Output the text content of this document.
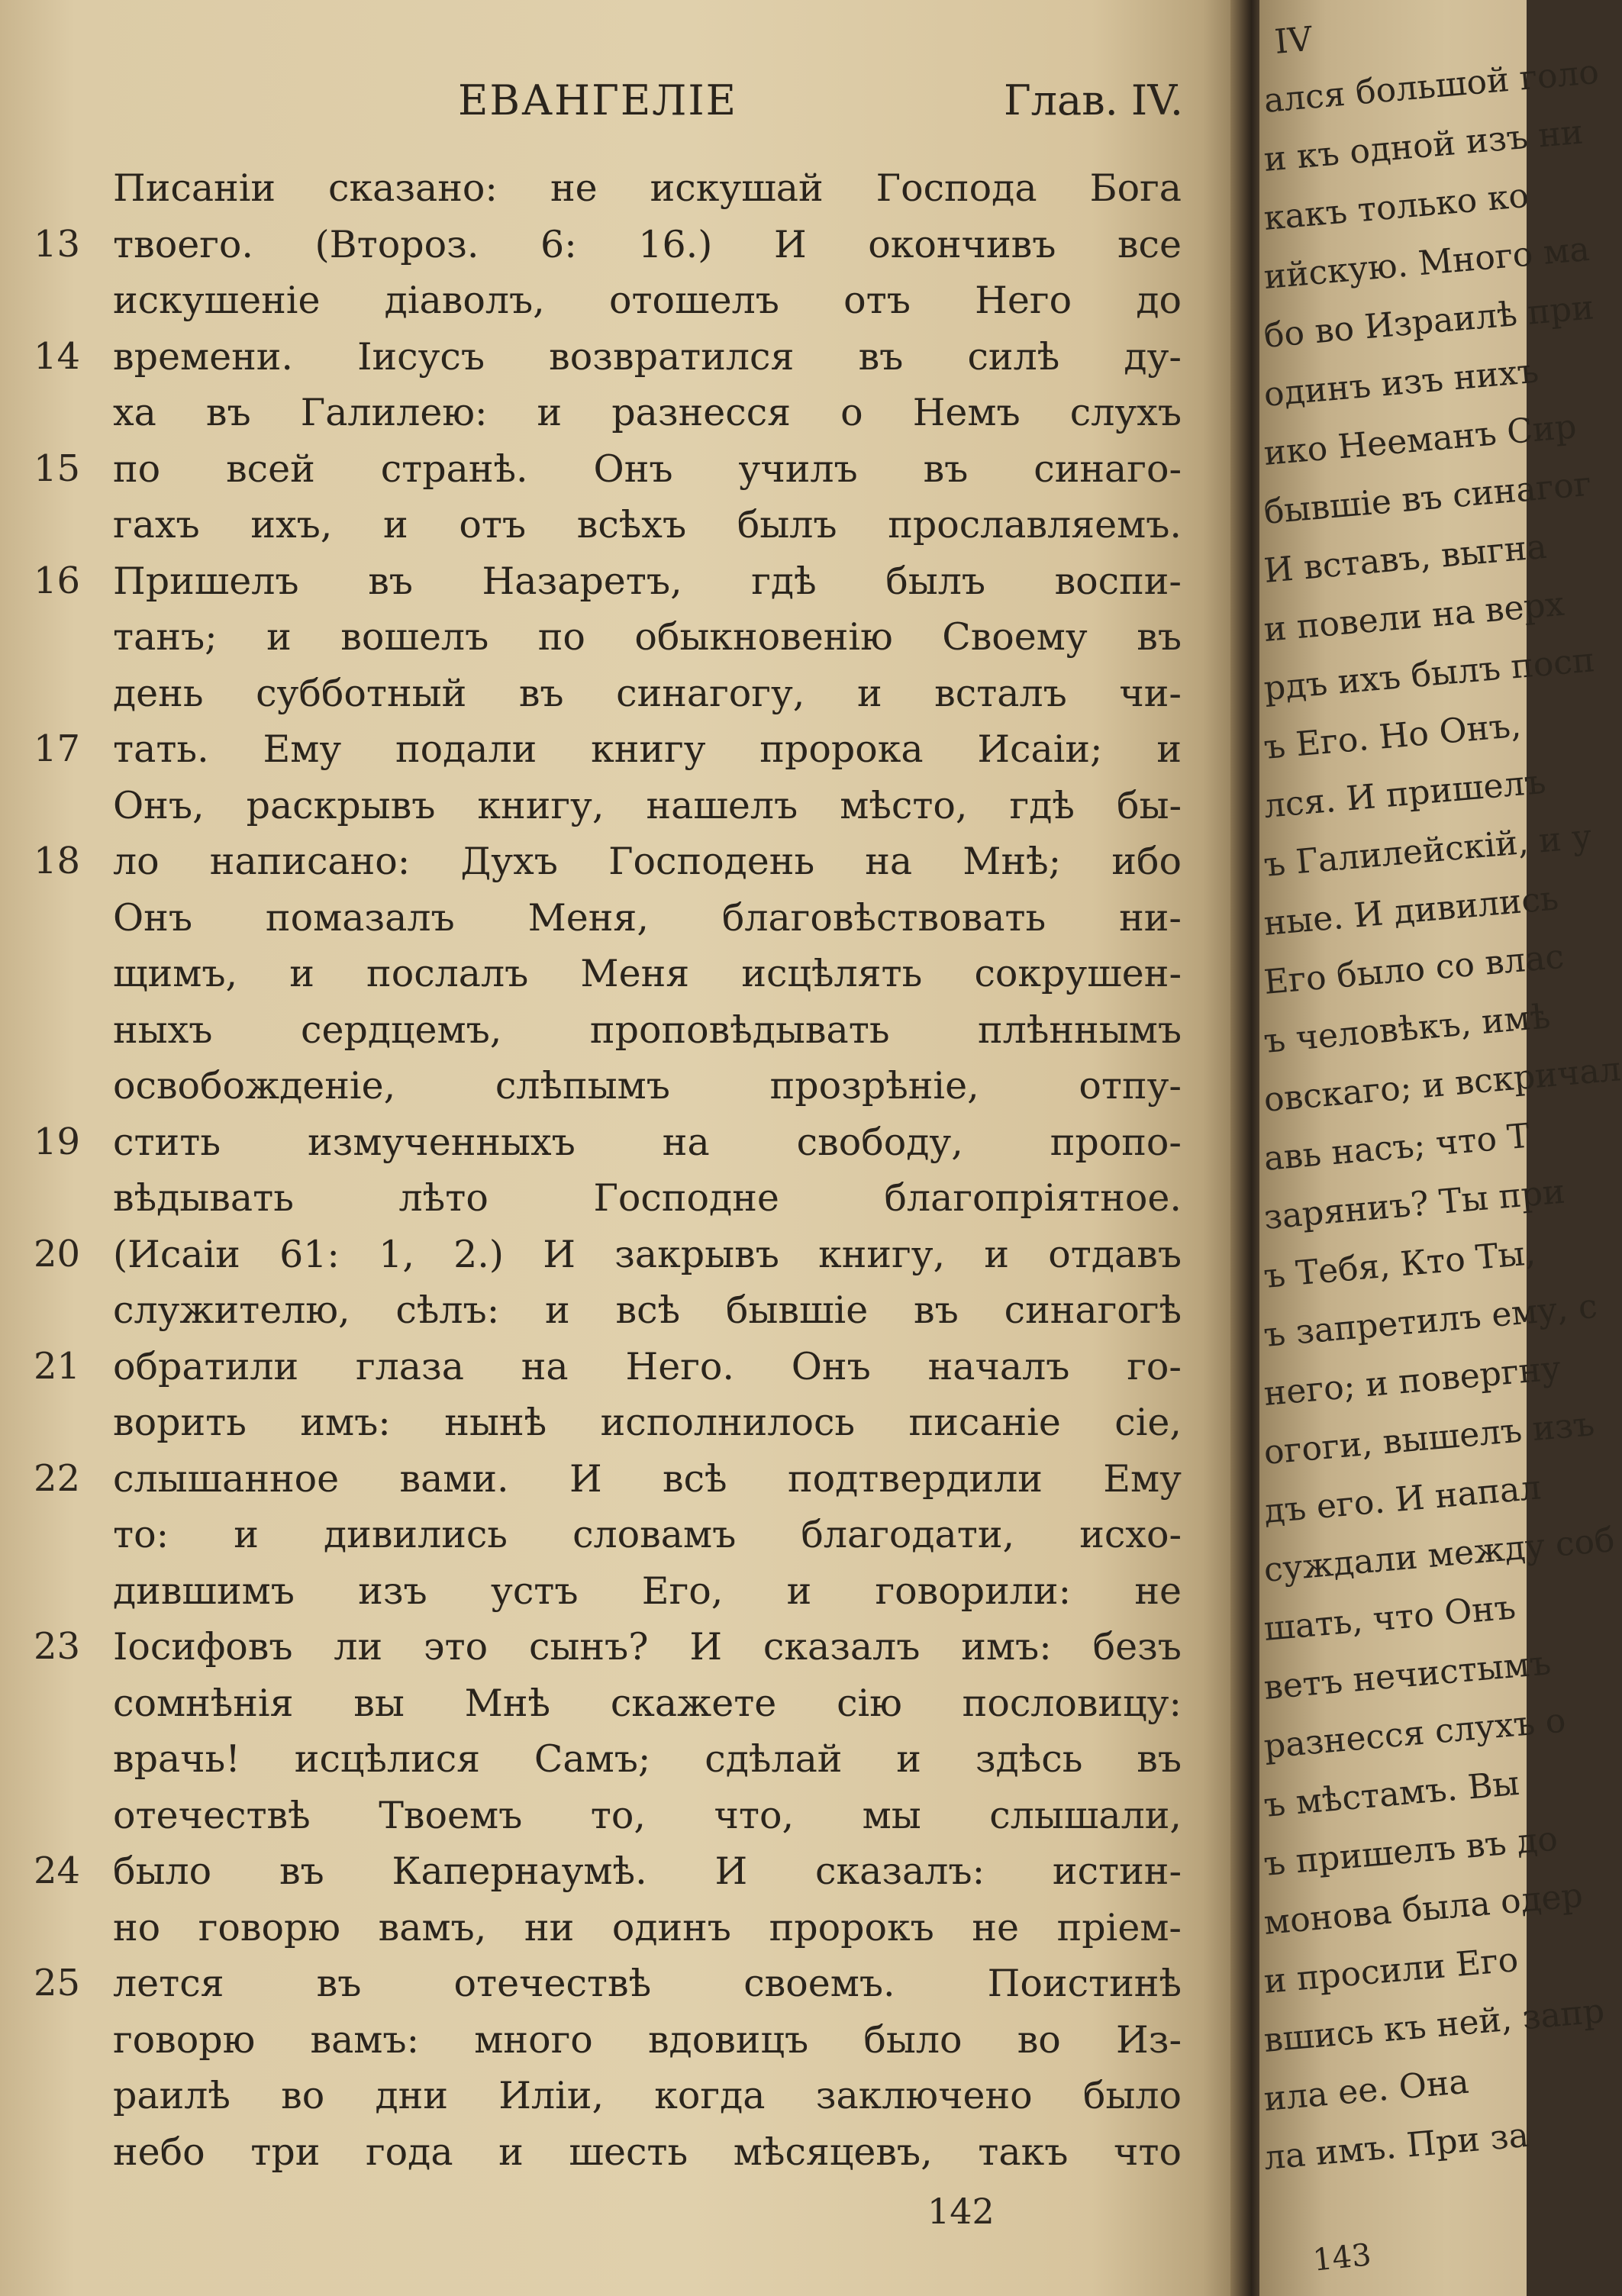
ЕВАНГЕЛІЕ	Глав. IV.
Писаніи сказано: не искушай Господа Бога
13 твоего. (Второз. 6: 16.) И окончивъ все
искушеніе діаволъ, отошелъ отъ Него до
14 времени. Іисусъ возвратился въ силѣ ду-
ха въ Галилею: и разнесся о Немъ слухъ
15 по всей странѣ. Онъ училъ въ синаго-
гахъ ихъ, и отъ всѣхъ былъ прославляемъ.
16 Пришелъ въ Назаретъ, гдѣ былъ воспи-
танъ; и вошелъ по обыкновенію Своему въ
день субботный въ синагогу, и всталъ чи-
17 тать. Ему подали книгу пророка Исаіи; и
Онъ, раскрывъ книгу, нашелъ мѣсто, гдѣ бы-
18 ло написано: Духъ Господень на Мнѣ; ибо
Онъ помазалъ Меня, благовѣствовать ни-
щимъ, и послалъ Меня исцѣлять сокрушен-
ныхъ сердцемъ, проповѣдывать плѣннымъ
освобожденіе, слѣпымъ прозрѣніе, отпу-
19 стить измученныхъ на свободу, пропо-
вѣдывать лѣто Господне благопріятное.
20 (Исаіи 61: 1, 2.) И закрывъ книгу, и отдавъ
служителю, сѣлъ: и всѣ бывшіе въ синагогѣ
21 обратили глаза на Него. Онъ началъ го-
ворить имъ: нынѣ исполнилось писаніе сіе,
22 слышанное вами. И всѣ подтвердили Ему
то: и дивились словамъ благодати, исхо-
дившимъ изъ устъ Его, и говорили: не
23 Іосифовъ ли это сынъ? И сказалъ имъ: безъ
сомнѣнія вы Мнѣ скажете сію пословицу:
врачь! исцѣлися Самъ; сдѣлай и здѣсь въ
отечествѣ Твоемъ то, что, мы слышали,
24 было въ Капернаумѣ. И сказалъ: истин-
но говорю вамъ, ни одинъ пророкъ не пріем-
25 лется въ отечествѣ своемъ. Поистинѣ
говорю вамъ: много вдовицъ было во Из-
раилѣ во дни Иліи, когда заключено было
небо три года и шесть мѣсяцевъ, такъ что
142
IV
ался большой голо
и къ одной изъ ни
какъ только ко
ийскую. Много ма
бо во Израилѣ при
одинъ изъ нихъ
ико Нееманъ Сир
бывшіе въ синагог
И вставъ, выгна
и повели на верх
рдъ ихъ былъ посп
ъ Его. Но Онъ,
лся. И пришелъ
ъ Галилейскій, и у
ные. И дивились
Его было со влас
ъ человѣкъ, имѣ
овскаго; и вскричал
авь насъ; что Т
заряниъ? Ты при
ъ Тебя, Кто Ты,
ъ запретилъ ему, с
него; и повергну
огоги, вышелъ изъ
дъ его. И напал
суждали между соб
шать, что Онъ
ветъ нечистымъ
разнесся слухъ о
ъ мѣстамъ. Вы
ъ пришелъ въ до
монова была одер
и просили Его
вшись къ ней, запр
ила ее. Она
ла имъ. При за
143
